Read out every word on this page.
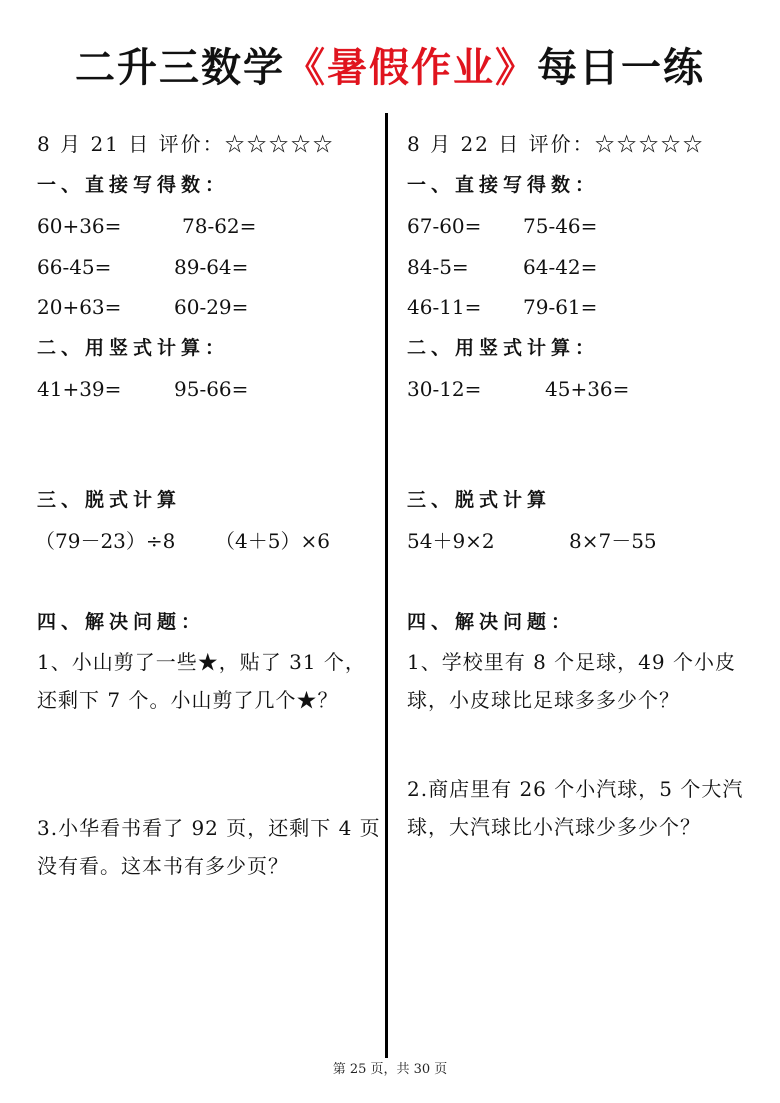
二升三数学《暑假作业》每日一练
8 月 21 日 评价：☆☆☆☆☆
一、直接写得数：
60+36=	78-62=
66-45=	89-64=
20+63=	60-29=
二、用竖式计算：
41+39=	95-66=
三、脱式计算
（79－23）÷8 （4＋5）×6
四、解决问题：
1、小山剪了一些★，贴了 31 个，还剩下 7 个。小山剪了几个★？
3.小华看书看了 92 页，还剩下 4 页没有看。这本书有多少页？
8 月 22 日 评价：☆☆☆☆☆
一、直接写得数：
67-60= 75-46=
84-5=	64-42=
46-11= 79-61=
二、用竖式计算：
30-12=	45+36=
三、脱式计算
54＋9×2	8×7－55
四、解决问题：
1、学校里有 8 个足球，49 个小皮球，小皮球比足球多多少个？
2.商店里有 26 个小汽球，5 个大汽球，大汽球比小汽球少多少个？
第 25 页，共 30 页
